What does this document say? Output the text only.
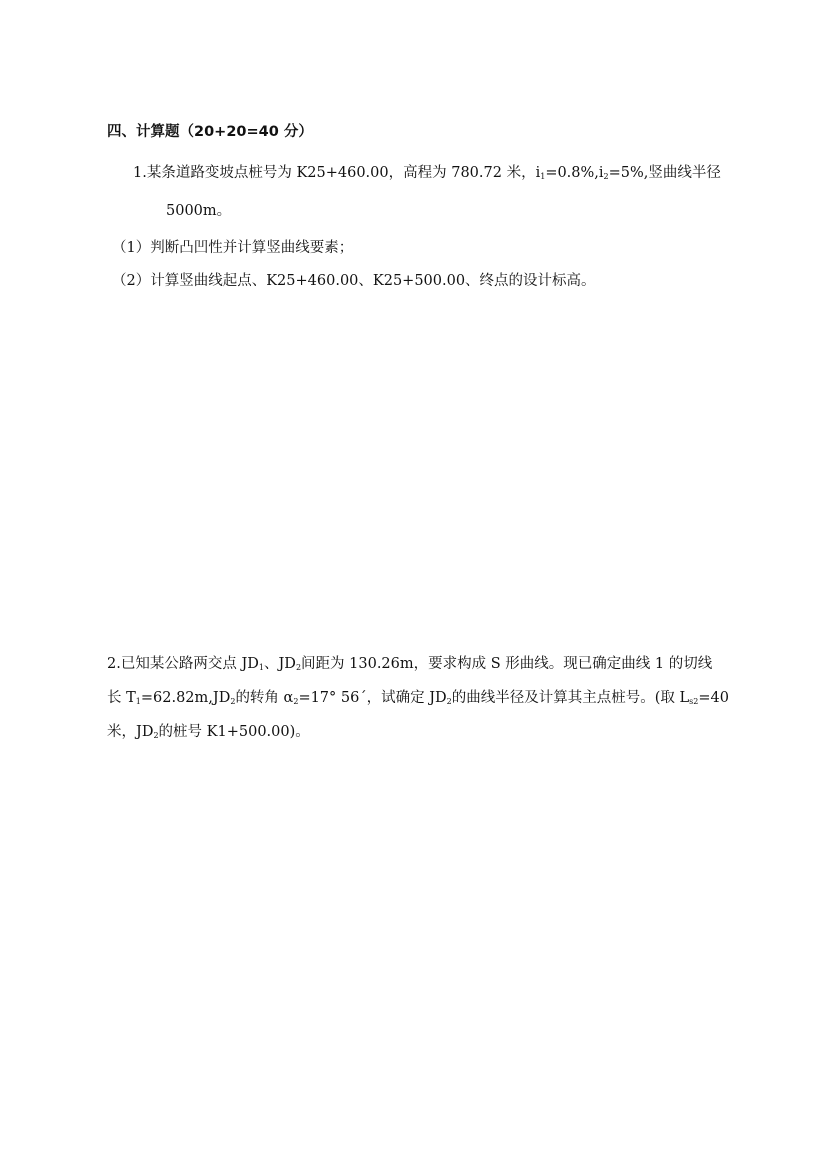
四、计算题（20+20=40 分）
1.某条道路变坡点桩号为 K25+460.00，高程为 780.72 米，$i_1=0.8\%,i_2=5\%$,竖曲线半径
5000m。
（1）判断凸凹性并计算竖曲线要素；
（2）计算竖曲线起点、K25+460.00、K25+500.00、终点的设计标高。
2.已知某公路两交点 $JD_1$、$JD_2$间距为 130.26m，要求构成 S 形曲线。现已确定曲线 1 的切线
长 $T_1=62.82m,JD_2$的转角 $\alpha_2=17^\circ$ 56´，试确定 $JD_2$的曲线半径及计算其主点桩号。(取 $L_{s2}=40$
米，$JD_2$的桩号 K1+500.00)。
